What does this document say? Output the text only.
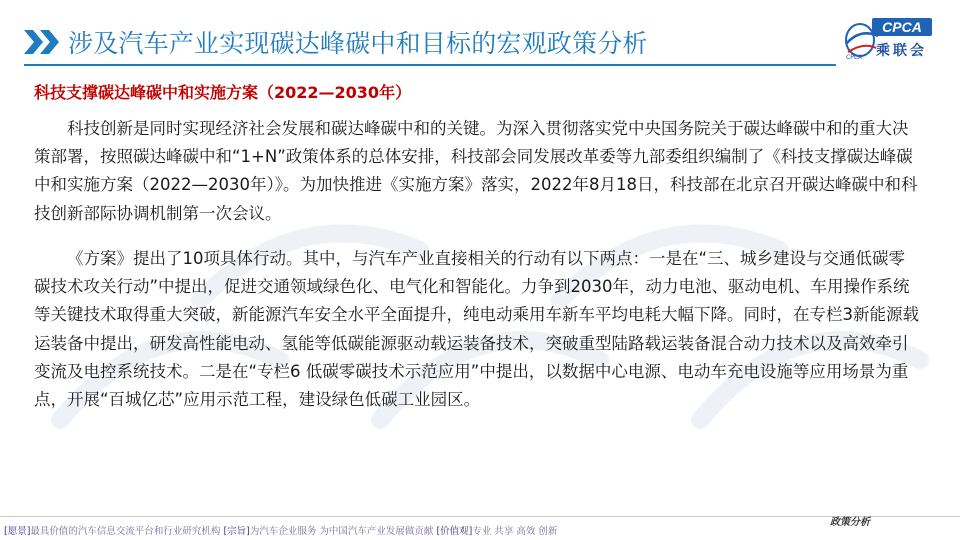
涉及汽车产业实现碳达峰碳中和目标的宏观政策分析
CPCA
乘联会
CPCA
科技支撑碳达峰碳中和实施方案（2022—2030年）

科技创新是同时实现经济社会发展和碳达峰碳中和的关键。为深入贯彻落实党中央国务院关于碳达峰碳中和的重大决策部署，按照碳达峰碳中和“1+N”政策体系的总体安排，科技部会同发展改革委等九部委组织编制了《科技支撑碳达峰碳中和实施方案（2022—2030年）》。为加快推进《实施方案》落实，2022年8月18日，科技部在北京召开碳达峰碳中和科技创新部际协调机制第一次会议。

《方案》提出了10项具体行动。其中，与汽车产业直接相关的行动有以下两点：一是在“三、城乡建设与交通低碳零碳技术攻关行动”中提出，促进交通领域绿色化、电气化和智能化。力争到2030年，动力电池、驱动电机、车用操作系统等关键技术取得重大突破，新能源汽车安全水平全面提升，纯电动乘用车新车平均电耗大幅下降。同时，在专栏3新能源载运装备中提出，研发高性能电动、氢能等低碳能源驱动载运装备技术，突破重型陆路载运装备混合动力技术以及高效牵引变流及电控系统技术。二是在“专栏6 低碳零碳技术示范应用”中提出，以数据中心电源、电动车充电设施等应用场景为重点，开展“百城亿芯”应用示范工程，建设绿色低碳工业园区。

政策分析
[愿景]最具价值的汽车信息交流平台和行业研究机构 [宗旨]为汽车企业服务 为中国汽车产业发展做贡献 [价值观]专业 共享 高效 创新
